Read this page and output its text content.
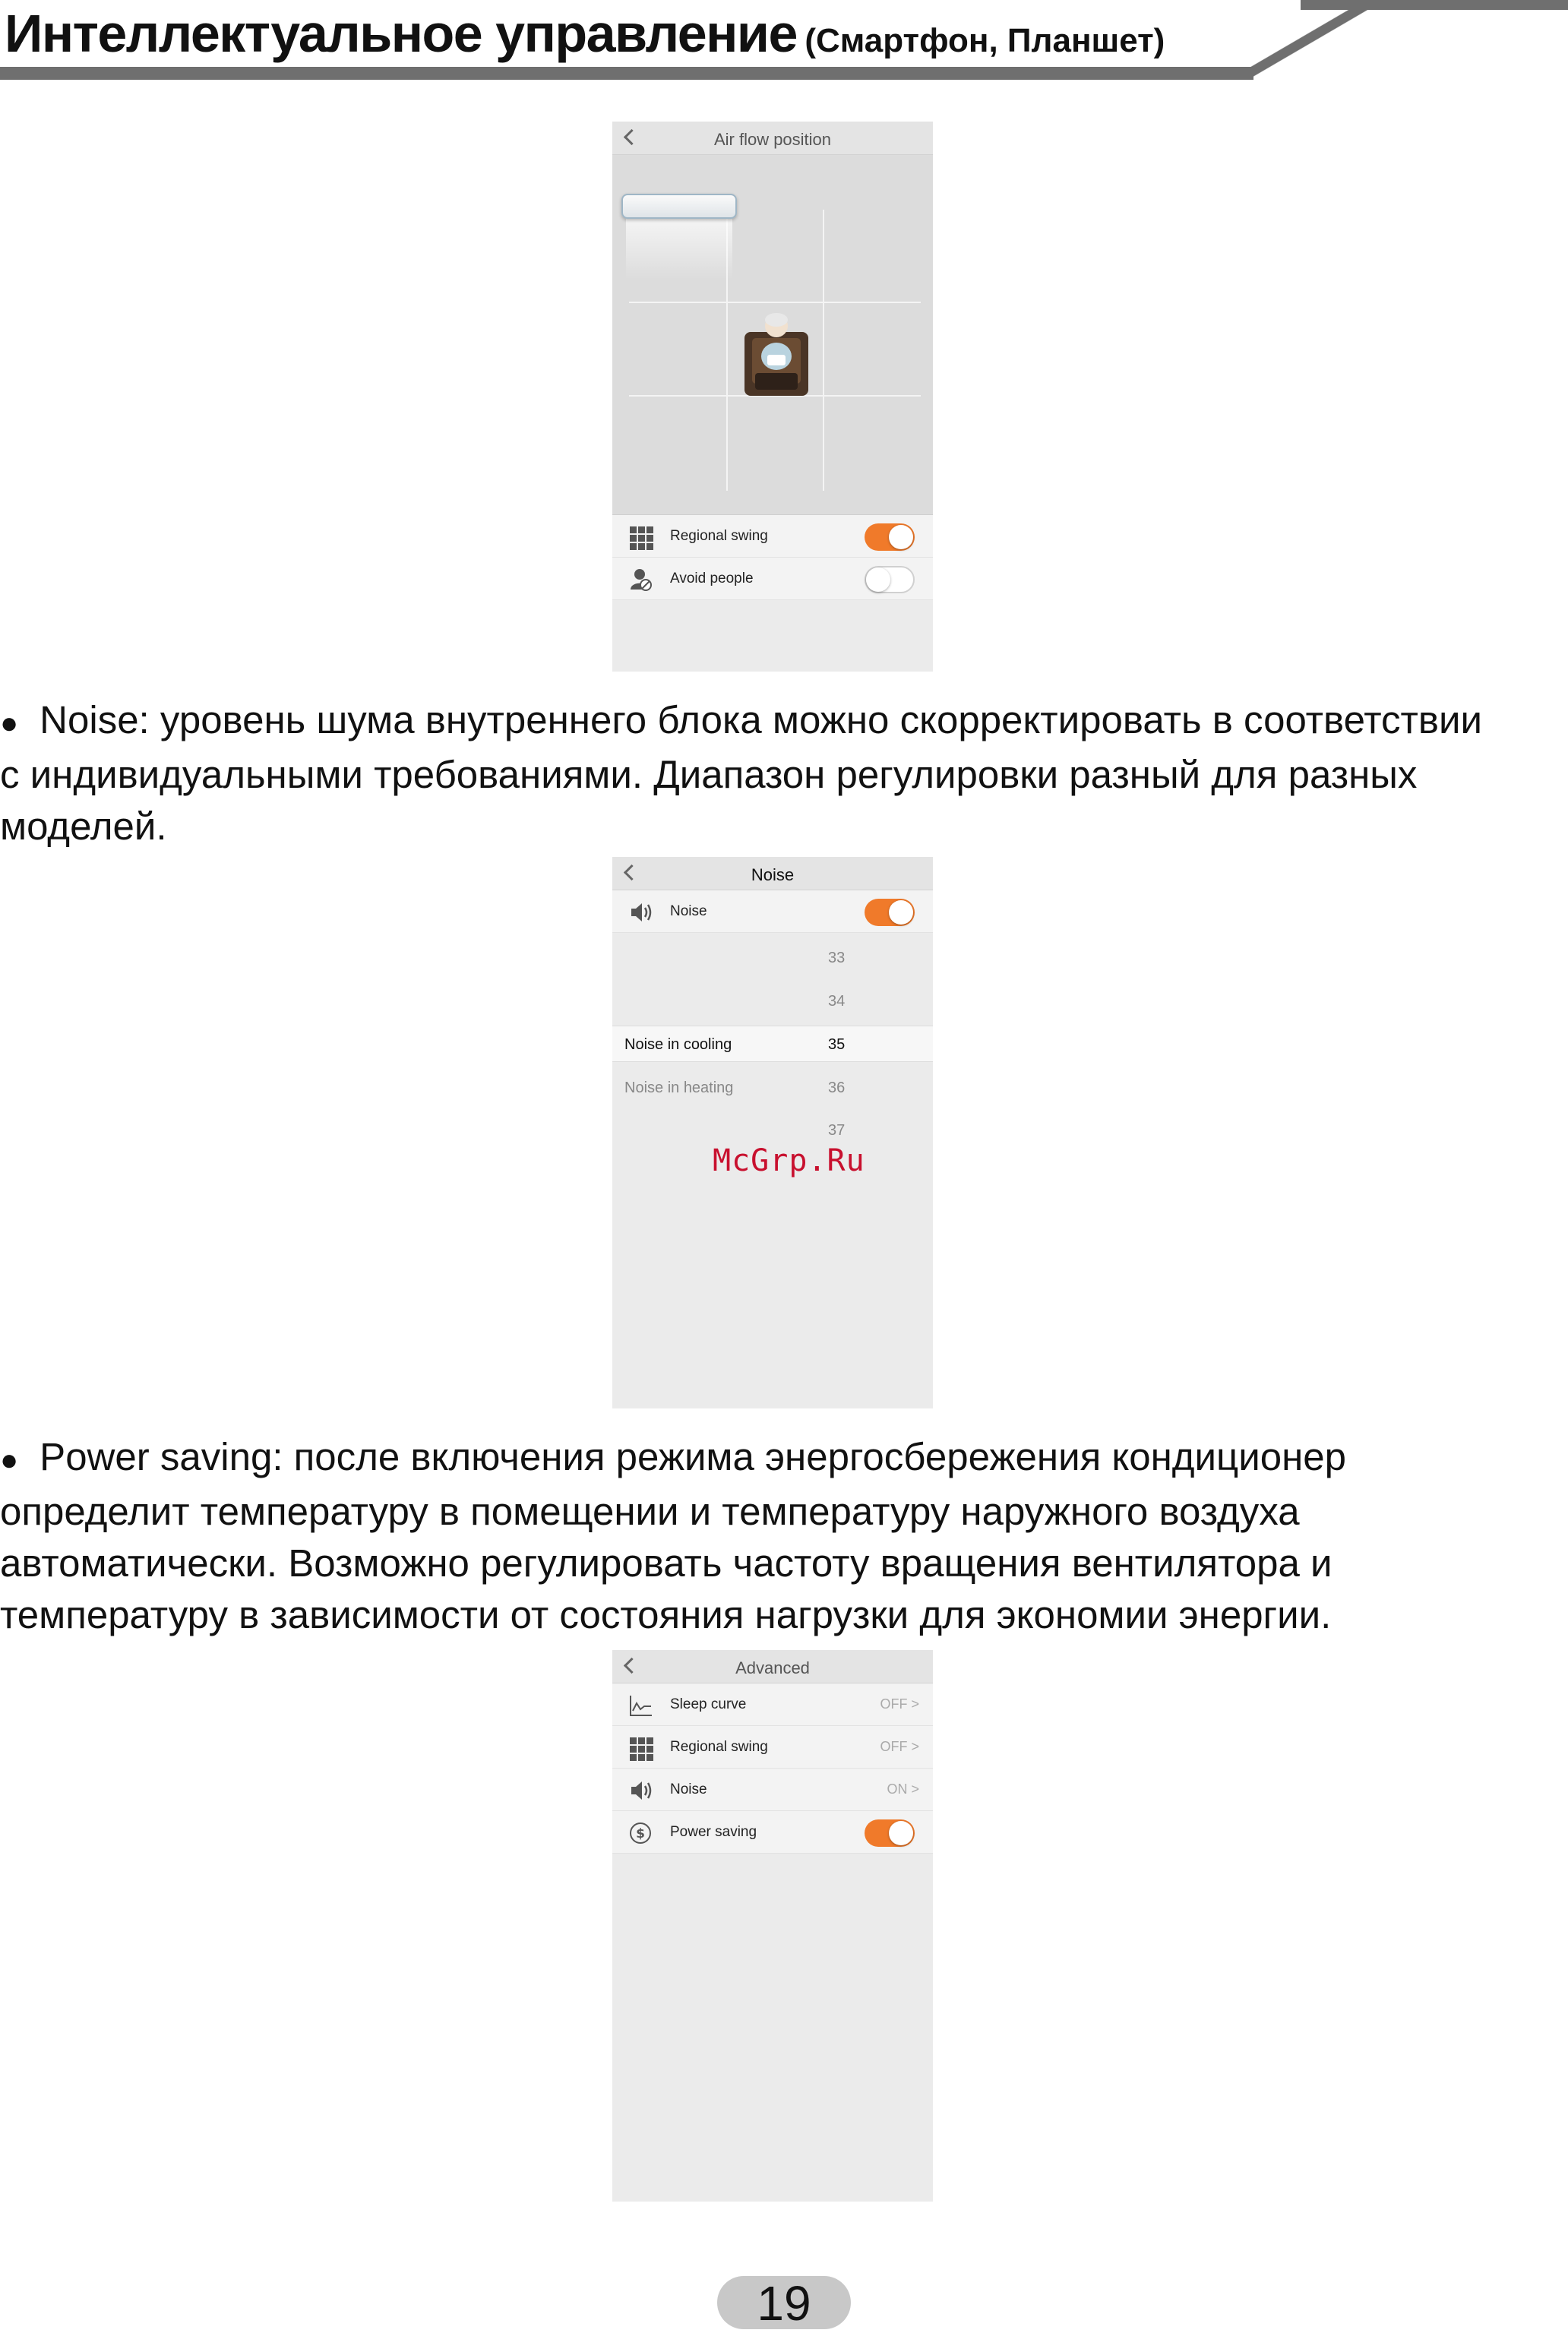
Интеллектуальное управление (Смартфон, Планшет)
Air flow position
Regional swing
Avoid people
● Noise: уровень шума внутреннего блока можно скорректировать в соответствии
с индивидуальными требованиями. Диапазон регулировки разный для разных
моделей.
Noise
Noise
33
34
Noise in cooling	35
Noise in heating	36
37
McGrp.Ru
● Power saving: после включения режима энергосбережения кондиционер
определит температуру в помещении и температуру наружного воздуха
автоматически. Возможно регулировать частоту вращения вентилятора и
температуру в зависимости от состояния нагрузки для экономии энергии.
Advanced
Sleep curve	OFF >
Regional swing	OFF >
Noise	ON >
$ Power saving
19
